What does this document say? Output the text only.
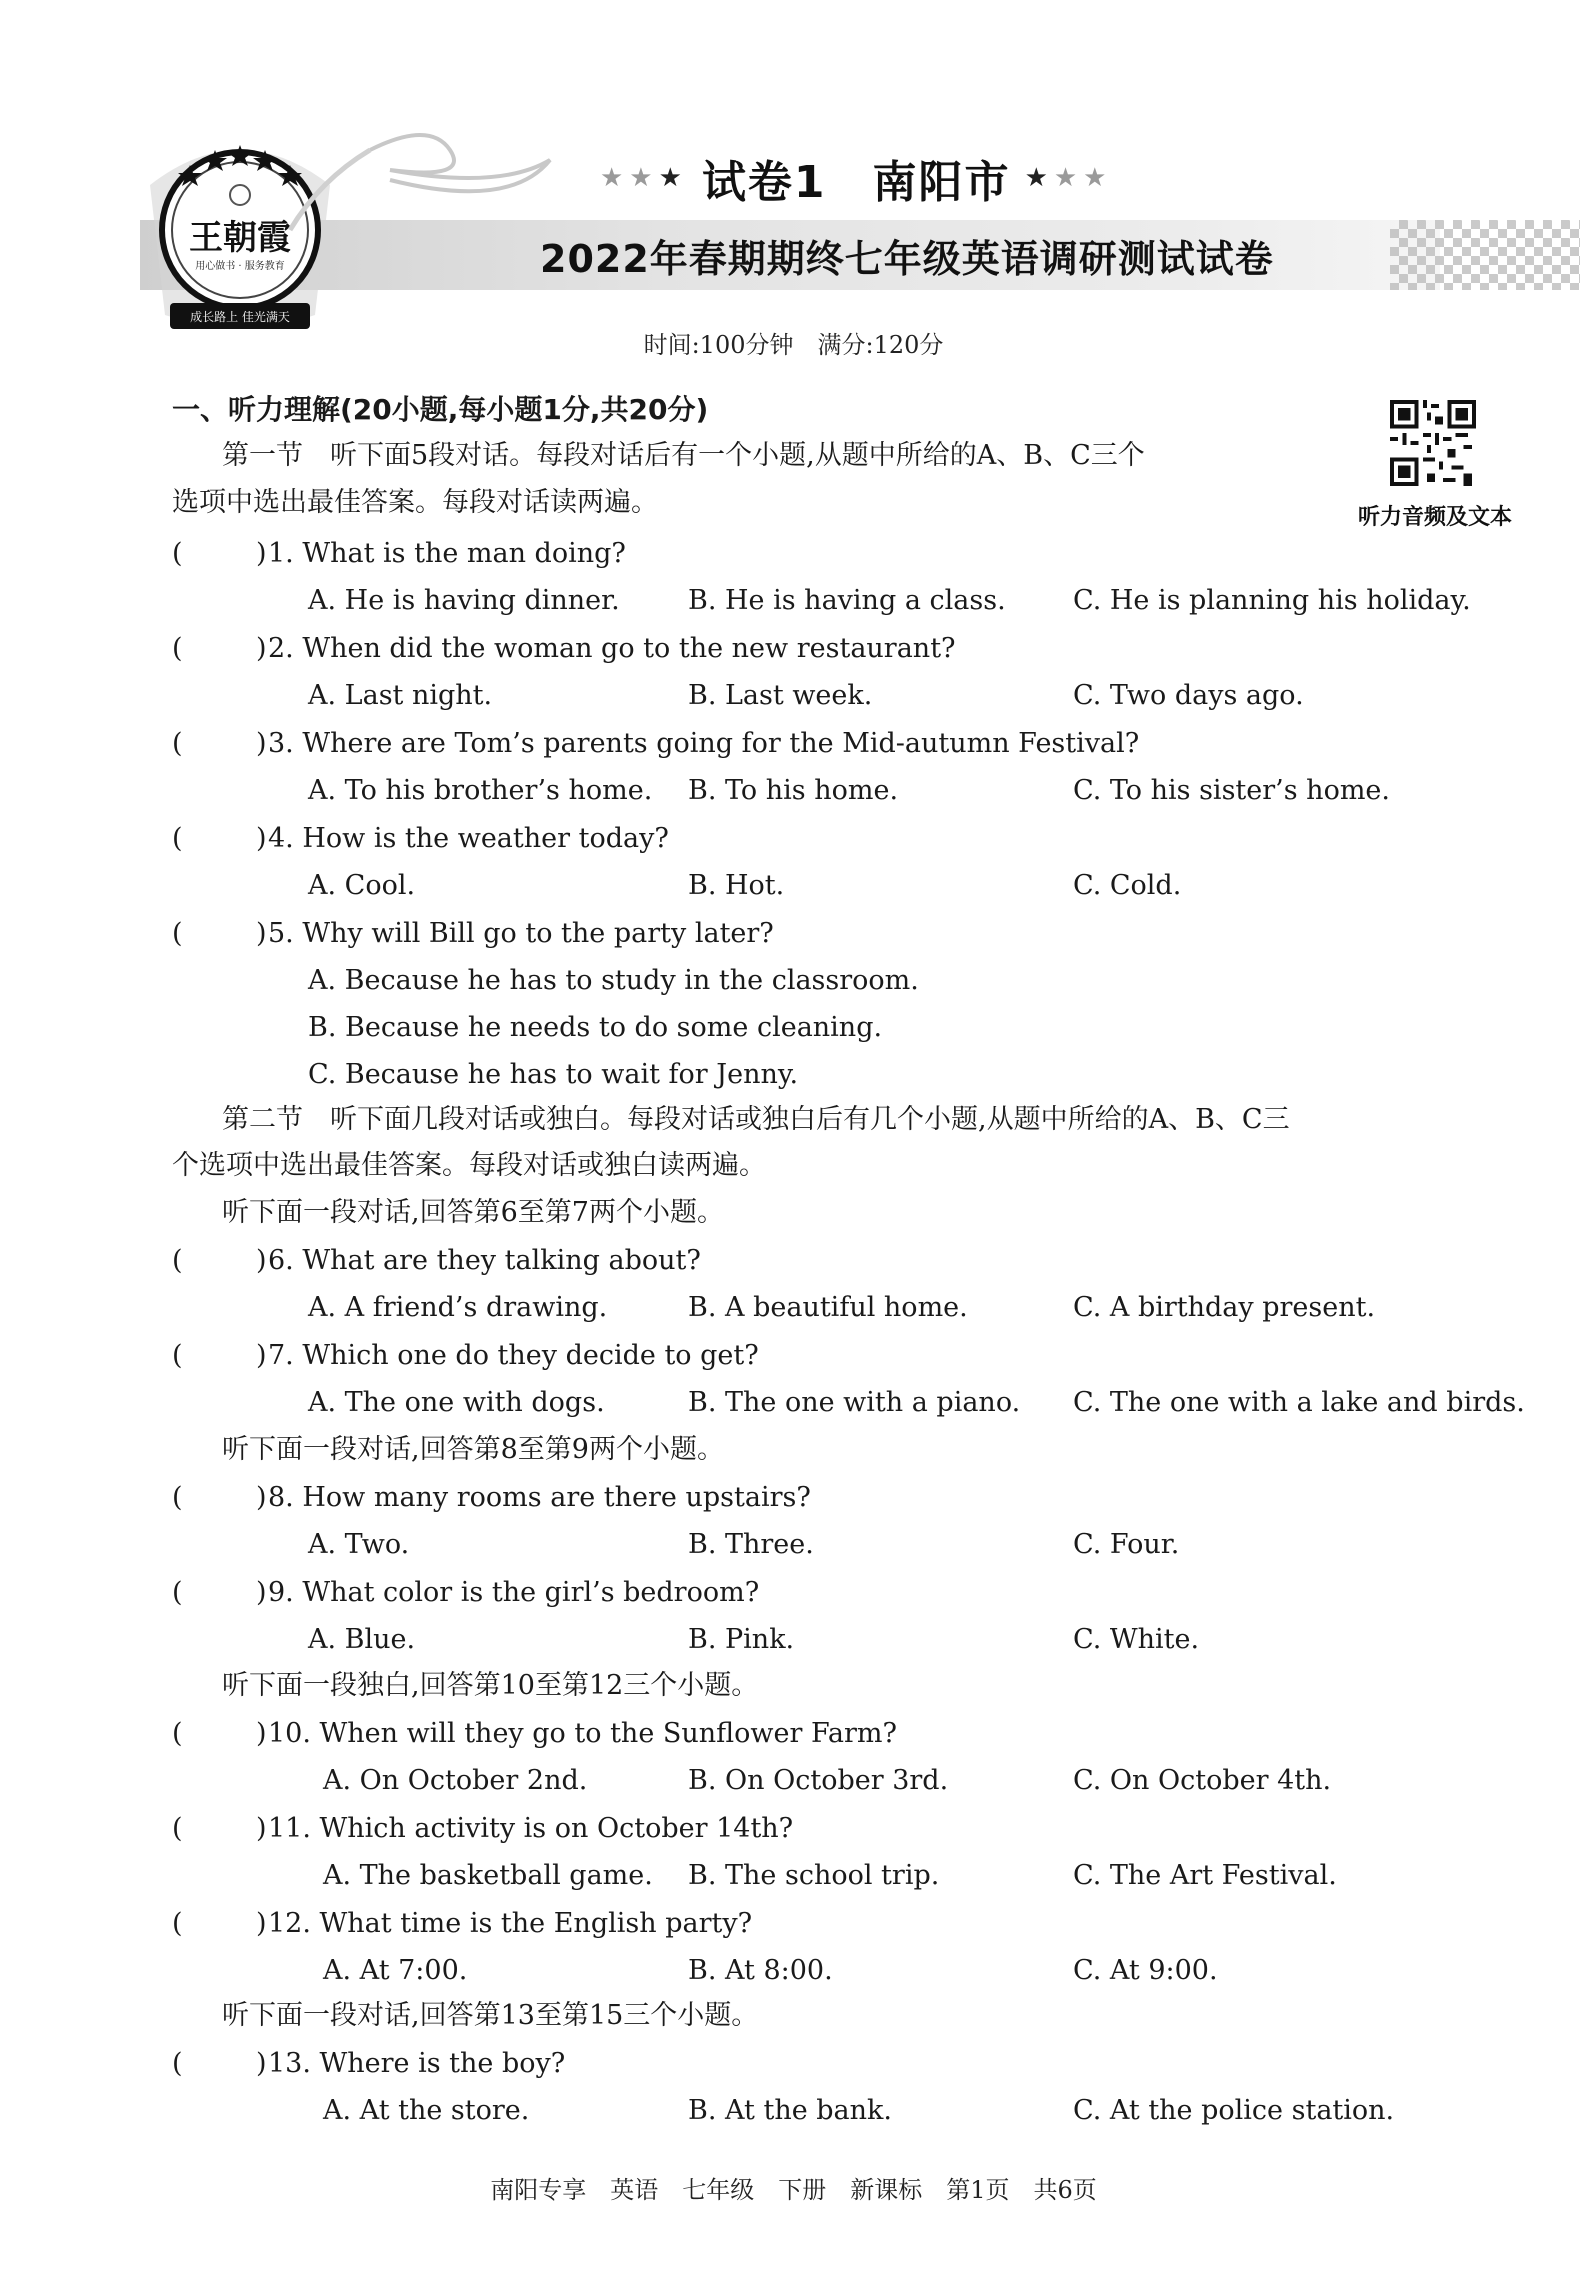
王朝霞
用心做书 · 服务教育
成长路上 佳光满天
★★★ 试卷1　南阳市 ★★★
2022年春期期终七年级英语调研测试试卷
时间:100分钟　满分:120分
听力音频及文本
一、听力理解(20小题,每小题1分,共20分)
第一节　听下面5段对话。每段对话后有一个小题,从题中所给的A、B、C三个
选项中选出最佳答案。每段对话读两遍。
(	) 1. What is the man doing?
A. He is having dinner.	B. He is having a class. C. He is planning his holiday.
(	) 2. When did the woman go to the new restaurant?
A. Last night.	B. Last week.	C. Two days ago.
(	) 3. Where are Tom’s parents going for the Mid-autumn Festival?
A. To his brother’s home. B. To his home.	C. To his sister’s home.
(	) 4. How is the weather today?
A. Cool.	B. Hot.	C. Cold.
(	) 5. Why will Bill go to the party later?
A. Because he has to study in the classroom.
B. Because he needs to do some cleaning.
C. Because he has to wait for Jenny.
(	) 6. What are they talking about?
A. A friend’s drawing.	B. A beautiful home.	C. A birthday present.
(	) 7. Which one do they decide to get?
A. The one with dogs.	B. The one with a piano. C. The one with a lake and birds.
(	) 8. How many rooms are there upstairs?
A. Two.	B. Three.	C. Four.
(	) 9. What color is the girl’s bedroom?
A. Blue.	B. Pink.	C. White.
(	) 10. When will they go to the Sunflower Farm?
A. On October 2nd.	B. On October 3rd.	C. On October 4th.
(	) 11. Which activity is on October 14th?
A. The basketball game. B. The school trip.	C. The Art Festival.
(	) 12. What time is the English party?
A. At 7:00.	B. At 8:00.	C. At 9:00.
(	) 13. Where is the boy?
A. At the store.	B. At the bank.	C. At the police station.
第二节　听下面几段对话或独白。每段对话或独白后有几个小题,从题中所给的A、B、C三
个选项中选出最佳答案。每段对话或独白读两遍。
听下面一段对话,回答第6至第7两个小题。
听下面一段对话,回答第8至第9两个小题。
听下面一段独白,回答第10至第12三个小题。
听下面一段对话,回答第13至第15三个小题。
南阳专享　英语　七年级　下册　新课标　第1页　共6页
